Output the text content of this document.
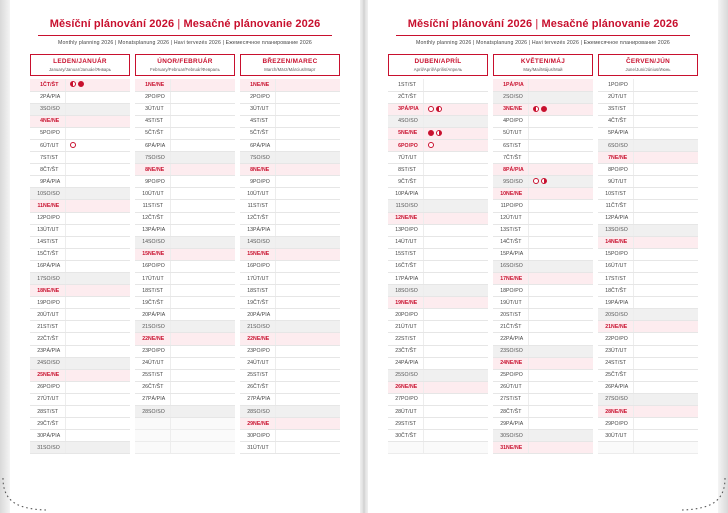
Měsíční plánování 2026 | Mesačné plánovanie 2026
Monthly planning 2026 | Monatsplanung 2026 | Havi tervezés 2026 | Ежемесячное планирование 2026
LEDEN/JANUÁR
January/Januar/Januáe/Январь
1	ČT/ŠT	
2	PÁ/PIA	
3	SO/SO	
4	NE/NE	
5	PO/PO	
6	ÚT/UT	
7	ST/ST	
8	ČT/ŠT	
9	PÁ/PIA	
10	SO/SO	
11	NE/NE	
12	PO/PO	
13	ÚT/UT	
14	ST/ST	
15	ČT/ŠT	
16	PÁ/PIA	
17	SO/SO	
18	NE/NE	
19	PO/PO	
20	ÚT/UT	
21	ST/ST	
22	ČT/ŠT	
23	PÁ/PIA	
24	SO/SO	
25	NE/NE	
26	PO/PO	
27	ÚT/UT	
28	ST/ST	
29	ČT/ŠT	
30	PÁ/PIA	
31	SO/SO	
ÚNOR/FEBRUÁR
February/Februar/Február/Февраль
1	NE/NE	
2	PO/PO	
3	ÚT/UT	
4	ST/ST	
5	ČT/ŠT	
6	PÁ/PIA	
7	SO/SO	
8	NE/NE	
9	PO/PO	
10	ÚT/UT	
11	ST/ST	
12	ČT/ŠT	
13	PÁ/PIA	
14	SO/SO	
15	NE/NE	
16	PO/PO	
17	ÚT/UT	
18	ST/ST	
19	ČT/ŠT	
20	PÁ/PIA	
21	SO/SO	
22	NE/NE	
23	PO/PO	
24	ÚT/UT	
25	ST/ST	
26	ČT/ŠT	
27	PÁ/PIA	
28	SO/SO	

BŘEZEN/MAREC
March/März/Március/Март
1	NE/NE	
2	PO/PO	
3	ÚT/UT	
4	ST/ST	
5	ČT/ŠT	
6	PÁ/PIA	
7	SO/SO	
8	NE/NE	
9	PO/PO	
10	ÚT/UT	
11	ST/ST	
12	ČT/ŠT	
13	PÁ/PIA	
14	SO/SO	
15	NE/NE	
16	PO/PO	
17	ÚT/UT	
18	ST/ST	
19	ČT/ŠT	
20	PÁ/PIA	
21	SO/SO	
22	NE/NE	
23	PO/PO	
24	ÚT/UT	
25	ST/ST	
26	ČT/ŠT	
27	PÁ/PIA	
28	SO/SO	
29	NE/NE	
30	PO/PO	
31	ÚT/UT	
Měsíční plánování 2026 | Mesačné plánovanie 2026
Monthly planning 2026 | Monatsplanung 2026 | Havi tervezés 2026 | Ежемесячное планирование 2026
DUBEN/APRÍL
April/April/Április/Апрель
1	ST/ST	
2	ČT/ŠT	
3	PÁ/PIA	
4	SO/SO	
5	NE/NE	
6	PO/PO	
7	ÚT/UT	
8	ST/ST	
9	ČT/ŠT	
10	PÁ/PIA	
11	SO/SO	
12	NE/NE	
13	PO/PO	
14	ÚT/UT	
15	ST/ST	
16	ČT/ŠT	
17	PÁ/PIA	
18	SO/SO	
19	NE/NE	
20	PO/PO	
21	ÚT/UT	
22	ST/ST	
23	ČT/ŠT	
24	PÁ/PIA	
25	SO/SO	
26	NE/NE	
27	PO/PO	
28	ÚT/UT	
29	ST/ST	
30	ČT/ŠT	

KVĚTEN/MÁJ
May/Mai/Május/Май
1	PÁ/PIA	
2	SO/SO	
3	NE/NE	
4	PO/PO	
5	ÚT/UT	
6	ST/ST	
7	ČT/ŠT	
8	PÁ/PIA	
9	SO/SO	
10	NE/NE	
11	PO/PO	
12	ÚT/UT	
13	ST/ST	
14	ČT/ŠT	
15	PÁ/PIA	
16	SO/SO	
17	NE/NE	
18	PO/PO	
19	ÚT/UT	
20	ST/ST	
21	ČT/ŠT	
22	PÁ/PIA	
23	SO/SO	
24	NE/NE	
25	PO/PO	
26	ÚT/UT	
27	ST/ST	
28	ČT/ŠT	
29	PÁ/PIA	
30	SO/SO	
31	NE/NE	
ČERVEN/JÚN
June/Juni/Június/Июнь
1	PO/PO	
2	ÚT/UT	
3	ST/ST	
4	ČT/ŠT	
5	PÁ/PIA	
6	SO/SO	
7	NE/NE	
8	PO/PO	
9	ÚT/UT	
10	ST/ST	
11	ČT/ŠT	
12	PÁ/PIA	
13	SO/SO	
14	NE/NE	
15	PO/PO	
16	ÚT/UT	
17	ST/ST	
18	ČT/ŠT	
19	PÁ/PIA	
20	SO/SO	
21	NE/NE	
22	PO/PO	
23	ÚT/UT	
24	ST/ST	
25	ČT/ŠT	
26	PÁ/PIA	
27	SO/SO	
28	NE/NE	
29	PO/PO	
30	ÚT/UT	
